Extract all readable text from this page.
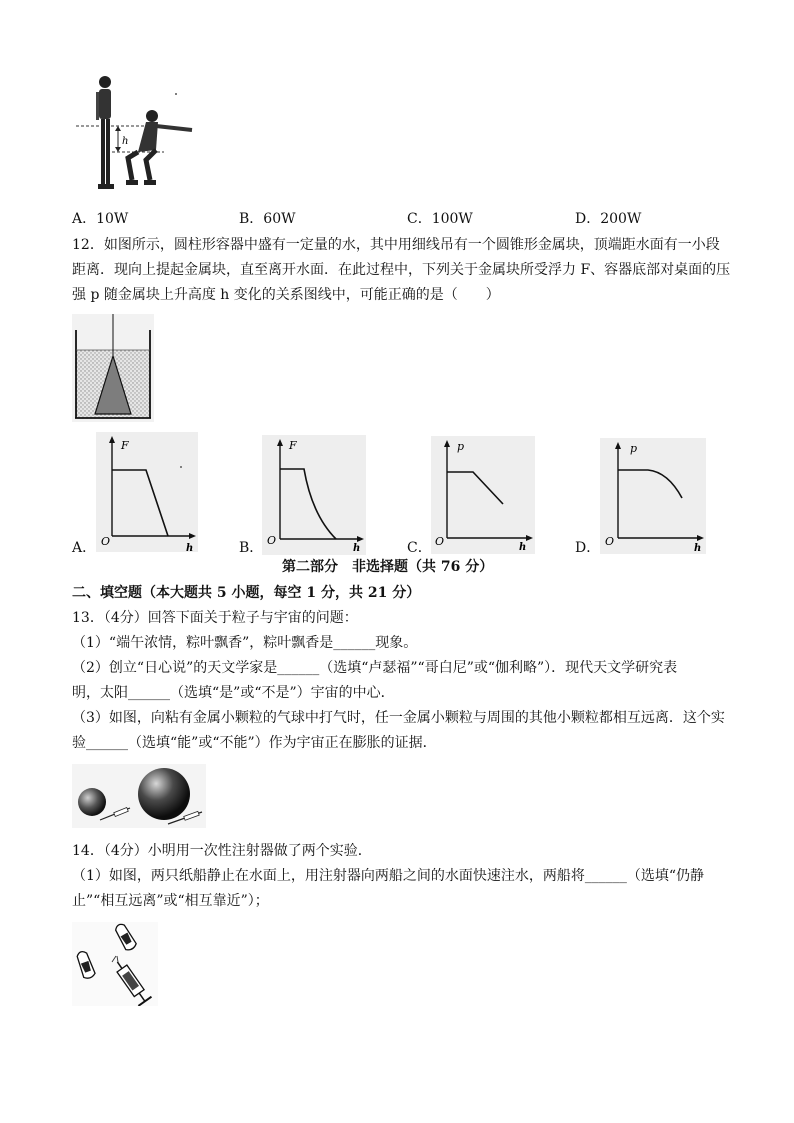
h
A．10W	B．60W	C．100W	D．200W
12．如图所示，圆柱形容器中盛有一定量的水，其中用细线吊有一个圆锥形金属块，顶端距水面有一小段
距离．现向上提起金属块，直至离开水面．在此过程中，下列关于金属块所受浮力 F、容器底部对桌面的压
强 p 随金属块上升高度 h 变化的关系图线中，可能正确的是（　　）
F
O
h
A．
F
O
h
B．
p
O	h
C．
p
O
h
D．
第二部分　非选择题（共 76 分）
二、填空题（本大题共 5 小题，每空 1 分，共 21 分）
13．（4分）回答下面关于粒子与宇宙的问题：
（1）“端午浓情，粽叶飘香”，粽叶飘香是______现象。
（2）创立“日心说”的天文学家是______（选填“卢瑟福”“哥白尼”或“伽利略”）．现代天文学研究表
明，太阳______（选填“是”或“不是”）宇宙的中心．
（3）如图，向粘有金属小颗粒的气球中打气时，任一金属小颗粒与周围的其他小颗粒都相互远离．这个实
验______（选填“能”或“不能”）作为宇宙正在膨胀的证据．
14．（4分）小明用一次性注射器做了两个实验．
（1）如图，两只纸船静止在水面上，用注射器向两船之间的水面快速注水，两船将______（选填“仍静
止”“相互远离”或“相互靠近”）；
